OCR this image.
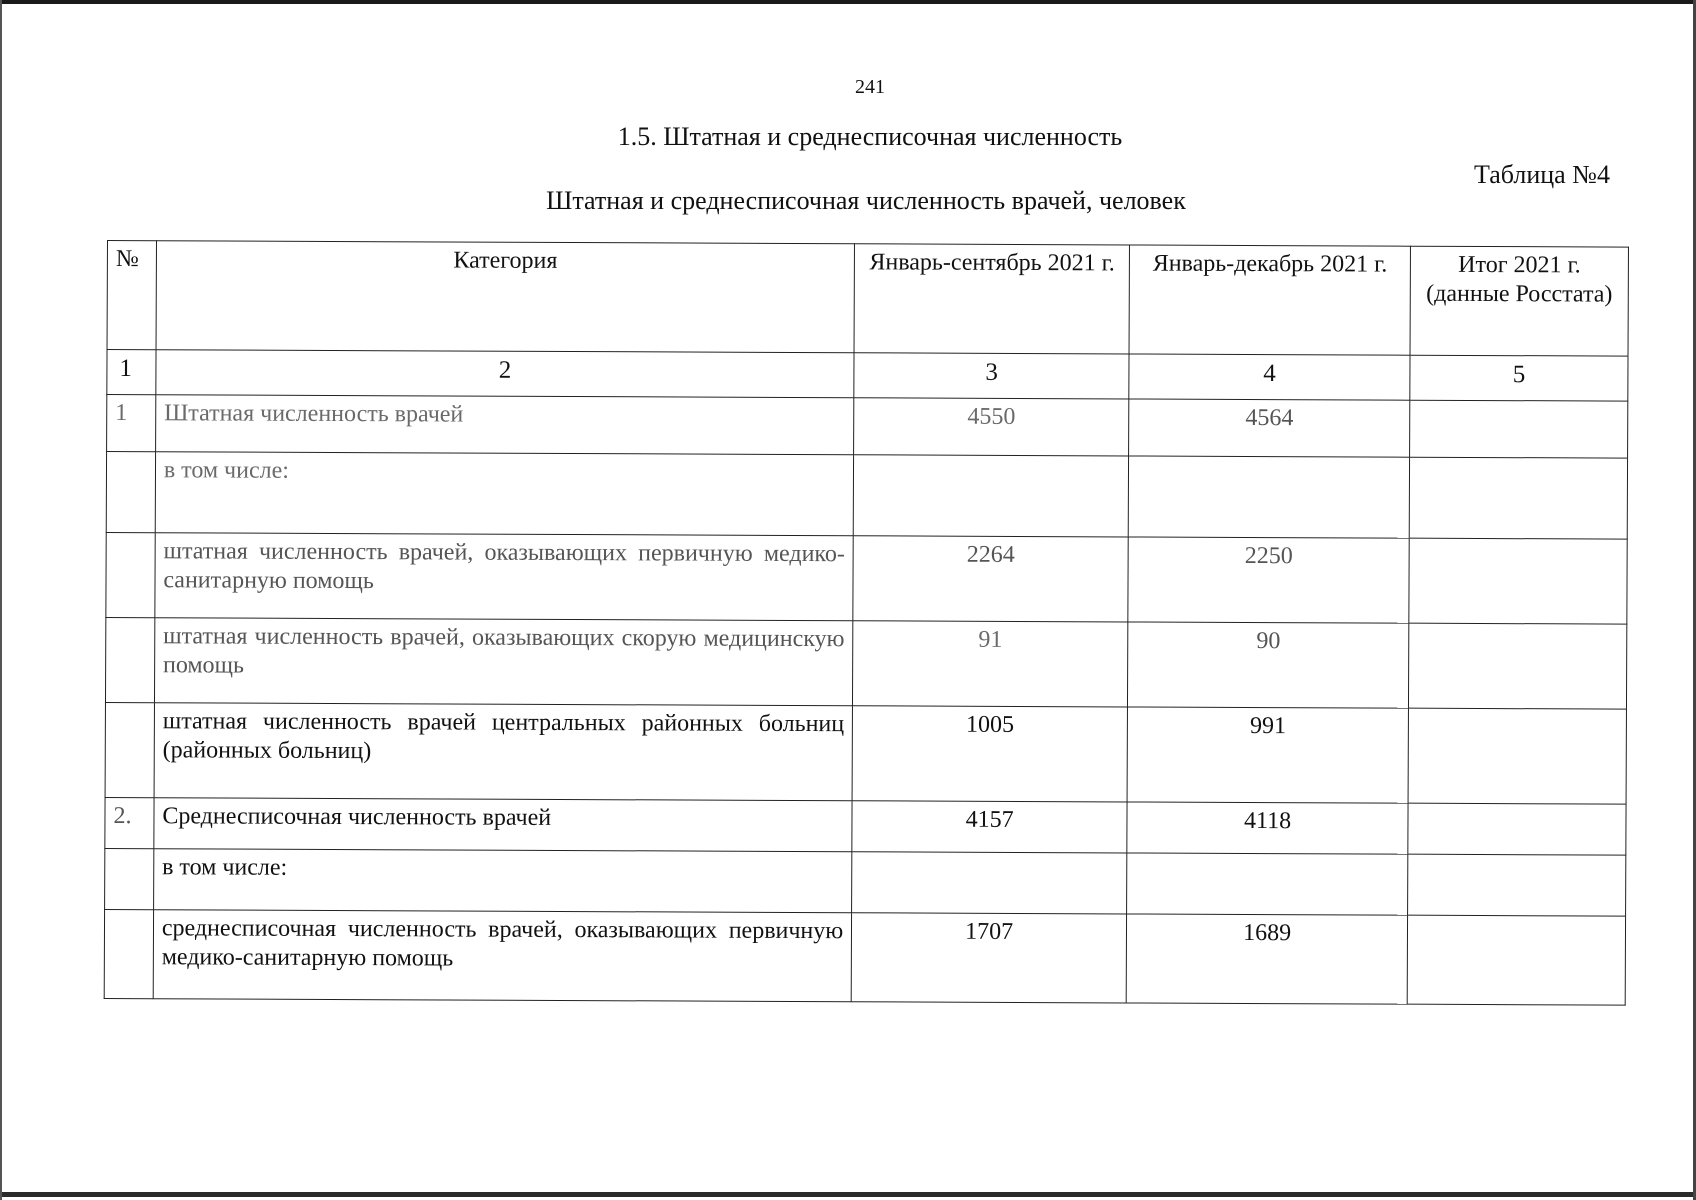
241
1.5. Штатная и среднесписочная численность
Таблица №4
Штатная и среднесписочная численность врачей, человек
№	Категория	Январь-сентябрь 2021 г.	Январь-декабрь 2021 г.	Итог 2021 г. (данные Росстата)
1	2	3	4	5
1	Штатная численность врачей	4550	4564	
	в том числе:			
	штатная численность врачей, оказывающих первичную медико-санитарную помощь	2264	2250	
	штатная численность врачей, оказывающих скорую медицинскую помощь	91	90	
	штатная численность врачей центральных районных больниц (районных больниц)	1005	991	
2.	Среднесписочная численность врачей	4157	4118	
	в том числе:			
	среднесписочная численность врачей, оказывающих первичную медико-санитарную помощь	1707	1689	
